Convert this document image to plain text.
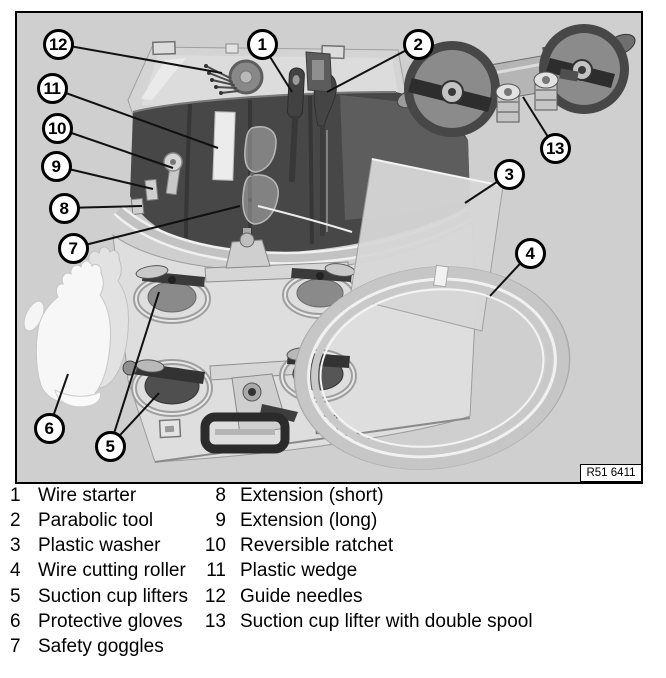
1	2
3
4
5
6
7
8
9
10
11
12
13
R51 6411
1 Wire starter
2 Parabolic tool
3 Plastic washer
4 Wire cutting roller
5 Suction cup lifters
6 Protective gloves
7 Safety goggles
8 Extension (short)
9 Extension (long)
10 Reversible ratchet
11 Plastic wedge
12 Guide needles
13 Suction cup lifter with double spool
